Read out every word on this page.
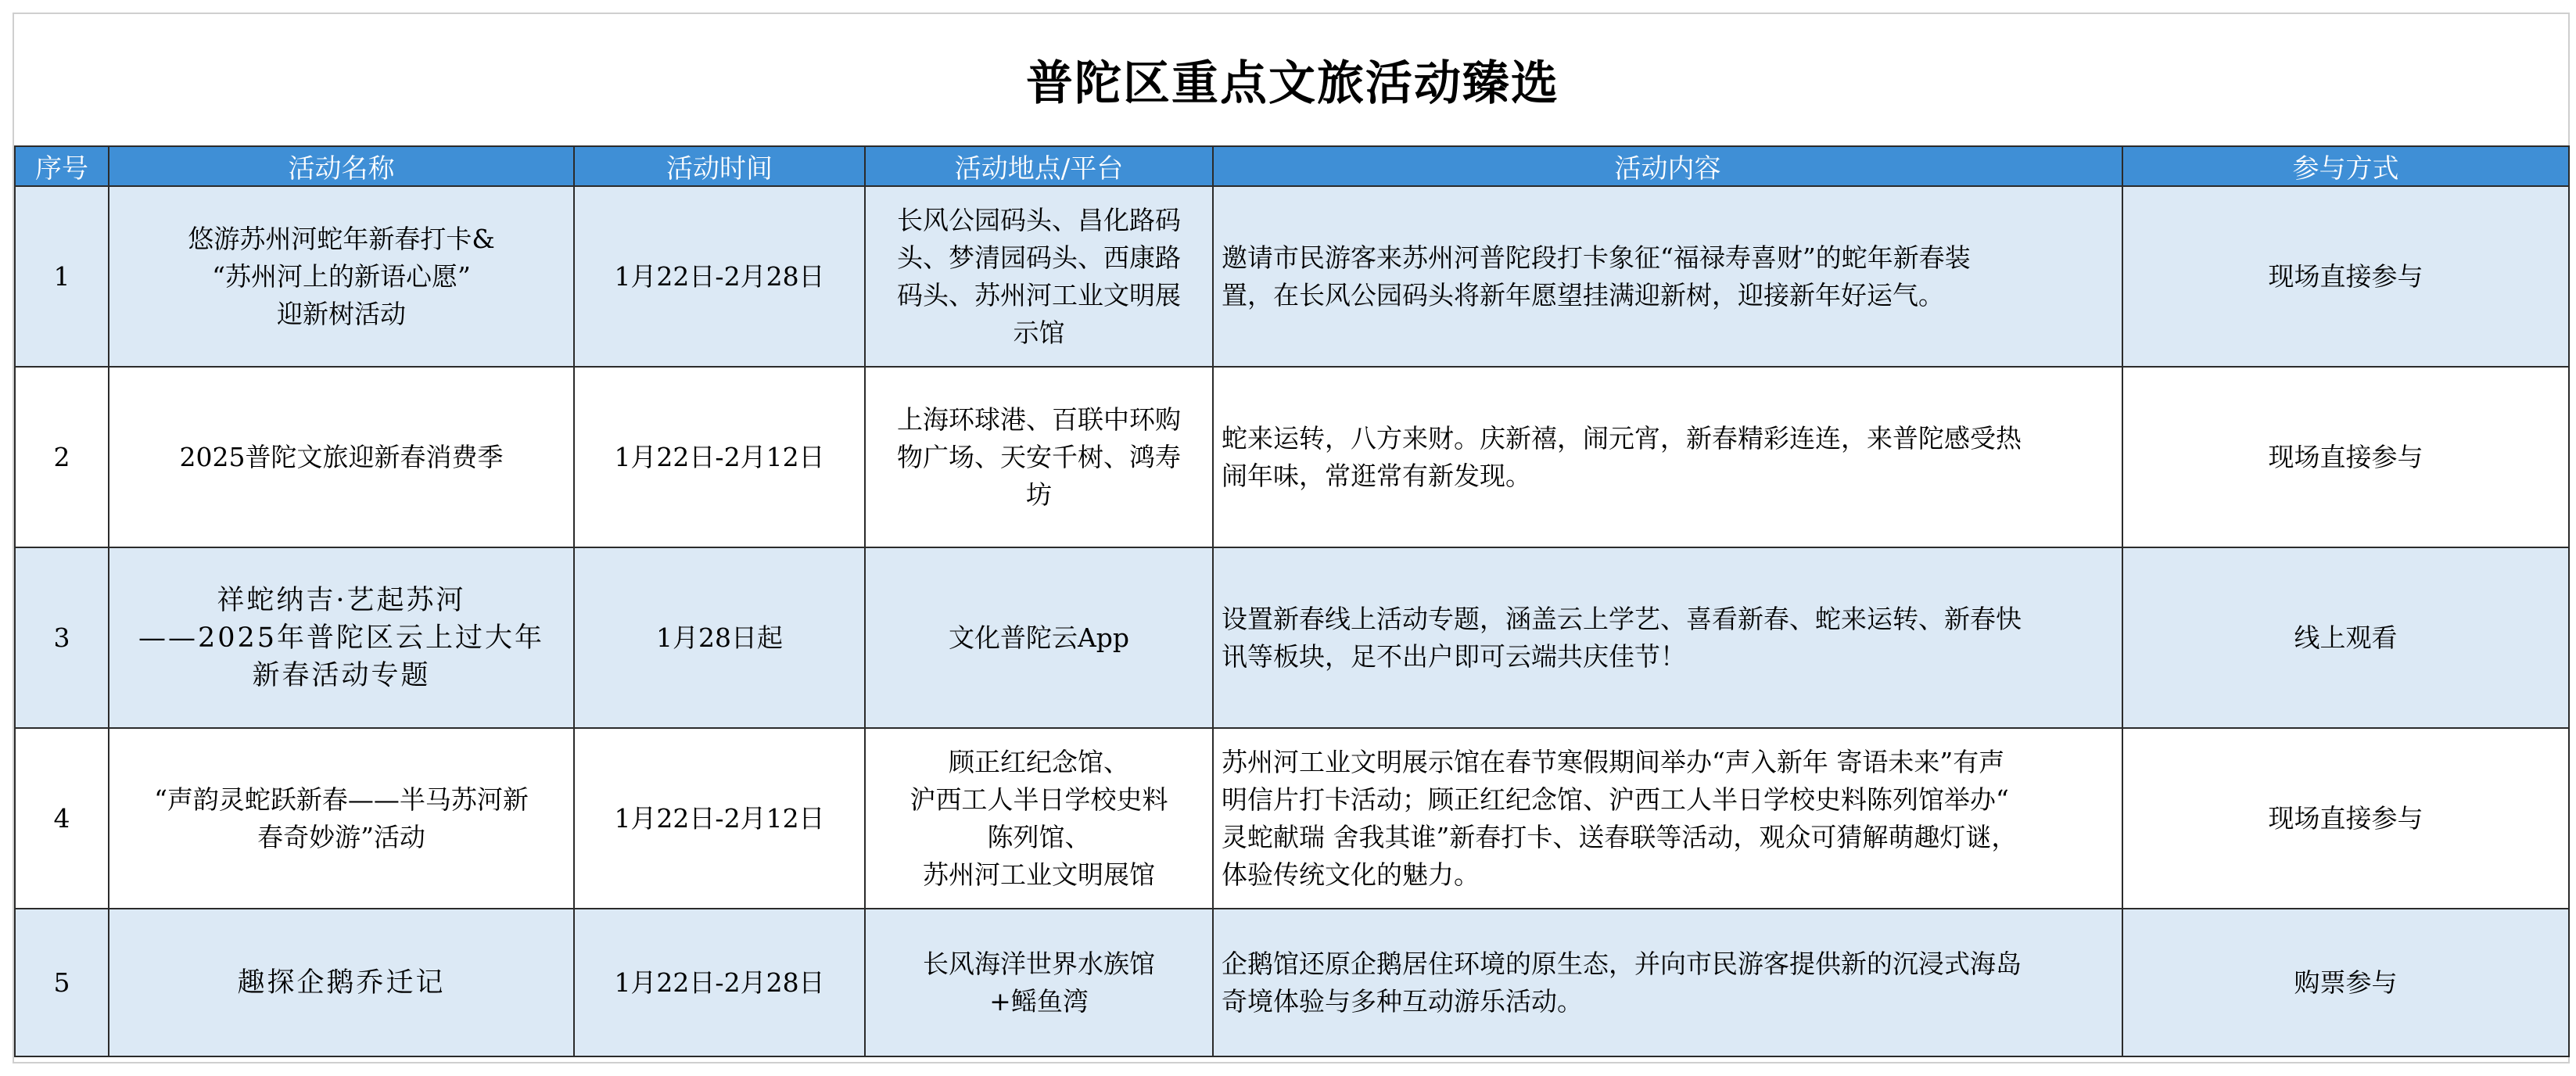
普陀区重点文旅活动臻选
序号	活动名称	活动时间	活动地点/平台	活动内容	参与方式
1	悠游苏州河蛇年新春打卡&
“苏州河上的新语心愿”
迎新树活动	1月22日-2月28日	长风公园码头、昌化路码
头、梦清园码头、西康路
码头、苏州河工业文明展
示馆	邀请市民游客来苏州河普陀段打卡象征“福禄寿喜财”的蛇年新春装
置，在长风公园码头将新年愿望挂满迎新树，迎接新年好运气。	现场直接参与
2	2025普陀文旅迎新春消费季	1月22日-2月12日	上海环球港、百联中环购
物广场、天安千树、鸿寿
坊	蛇来运转，八方来财。庆新禧，闹元宵，新春精彩连连，来普陀感受热
闹年味，常逛常有新发现。	现场直接参与
3	祥蛇纳吉·艺起苏河
——2025年普陀区云上过大年
新春活动专题	1月28日起	文化普陀云App	设置新春线上活动专题，涵盖云上学艺、喜看新春、蛇来运转、新春快
讯等板块，足不出户即可云端共庆佳节！	线上观看
4	“声韵灵蛇跃新春——半马苏河新
春奇妙游”活动	1月22日-2月12日	顾正红纪念馆、
沪西工人半日学校史料
陈列馆、
苏州河工业文明展馆	苏州河工业文明展示馆在春节寒假期间举办“声入新年 寄语未来”有声
明信片打卡活动；顾正红纪念馆、沪西工人半日学校史料陈列馆举办“
灵蛇献瑞 舍我其谁”新春打卡、送春联等活动，观众可猜解萌趣灯谜，
体验传统文化的魅力。	现场直接参与
5	趣探企鹅乔迁记	1月22日-2月28日	长风海洋世界水族馆
+鳐鱼湾	企鹅馆还原企鹅居住环境的原生态，并向市民游客提供新的沉浸式海岛
奇境体验与多种互动游乐活动。	购票参与
